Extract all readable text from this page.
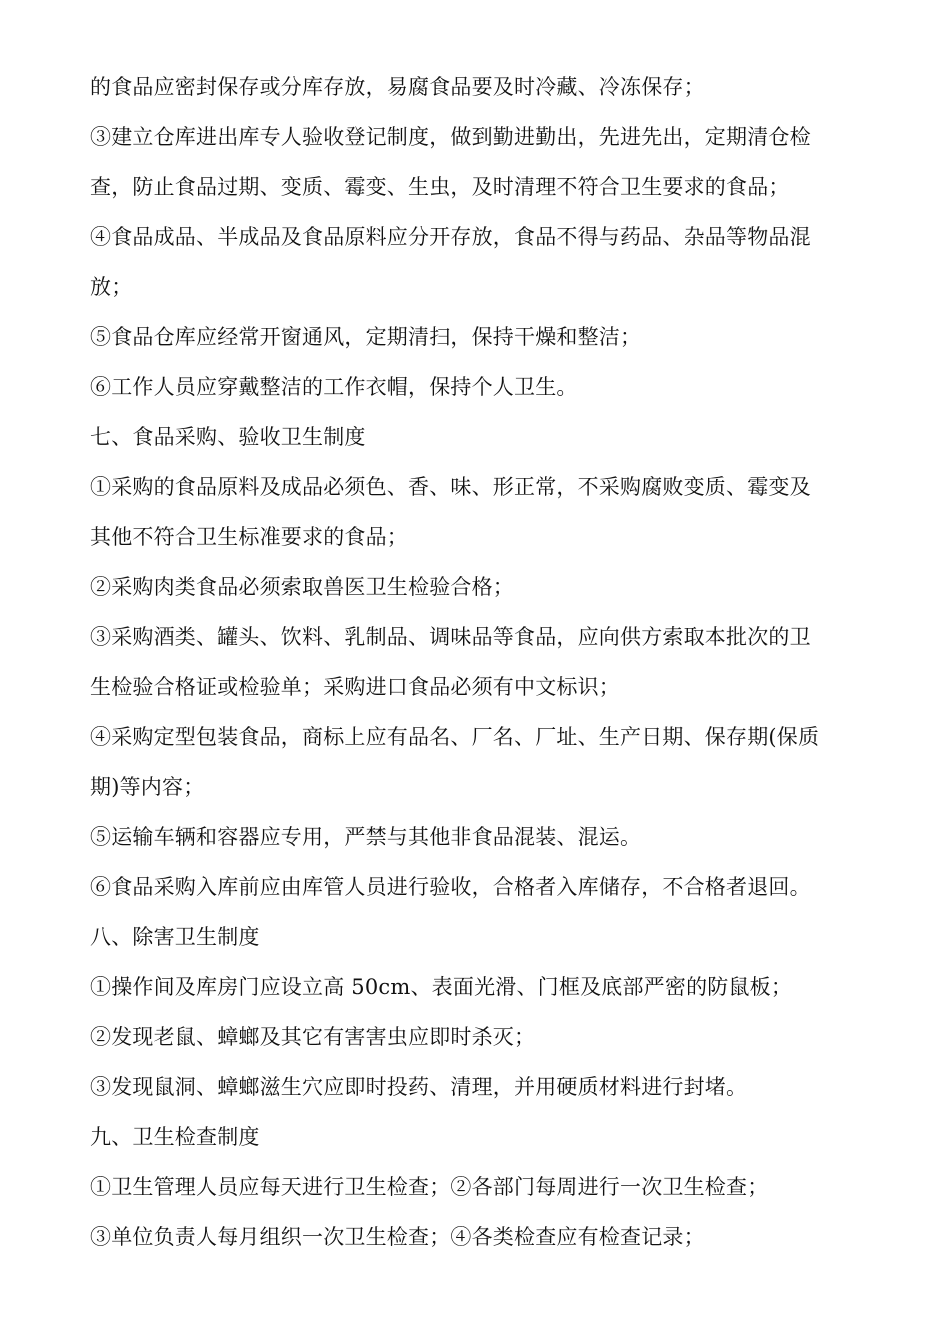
的食品应密封保存或分库存放，易腐食品要及时冷藏、冷冻保存；
③建立仓库进出库专人验收登记制度，做到勤进勤出，先进先出，定期清仓检
查，防止食品过期、变质、霉变、生虫，及时清理不符合卫生要求的食品；
④食品成品、半成品及食品原料应分开存放，食品不得与药品、杂品等物品混
放；
⑤食品仓库应经常开窗通风，定期清扫，保持干燥和整洁；
⑥工作人员应穿戴整洁的工作衣帽，保持个人卫生。
七、食品采购、验收卫生制度
①采购的食品原料及成品必须色、香、味、形正常，不采购腐败变质、霉变及
其他不符合卫生标准要求的食品；
②采购肉类食品必须索取兽医卫生检验合格；
③采购酒类、罐头、饮料、乳制品、调味品等食品，应向供方索取本批次的卫
生检验合格证或检验单；采购进口食品必须有中文标识；
④采购定型包装食品，商标上应有品名、厂名、厂址、生产日期、保存期(保质
期)等内容；
⑤运输车辆和容器应专用，严禁与其他非食品混装、混运。
⑥食品采购入库前应由库管人员进行验收，合格者入库储存，不合格者退回。
八、除害卫生制度
①操作间及库房门应设立高 50cm、表面光滑、门框及底部严密的防鼠板；
②发现老鼠、蟑螂及其它有害害虫应即时杀灭；
③发现鼠洞、蟑螂滋生穴应即时投药、清理，并用硬质材料进行封堵。
九、卫生检查制度
①卫生管理人员应每天进行卫生检查；②各部门每周进行一次卫生检查；
③单位负责人每月组织一次卫生检查；④各类检查应有检查记录；
